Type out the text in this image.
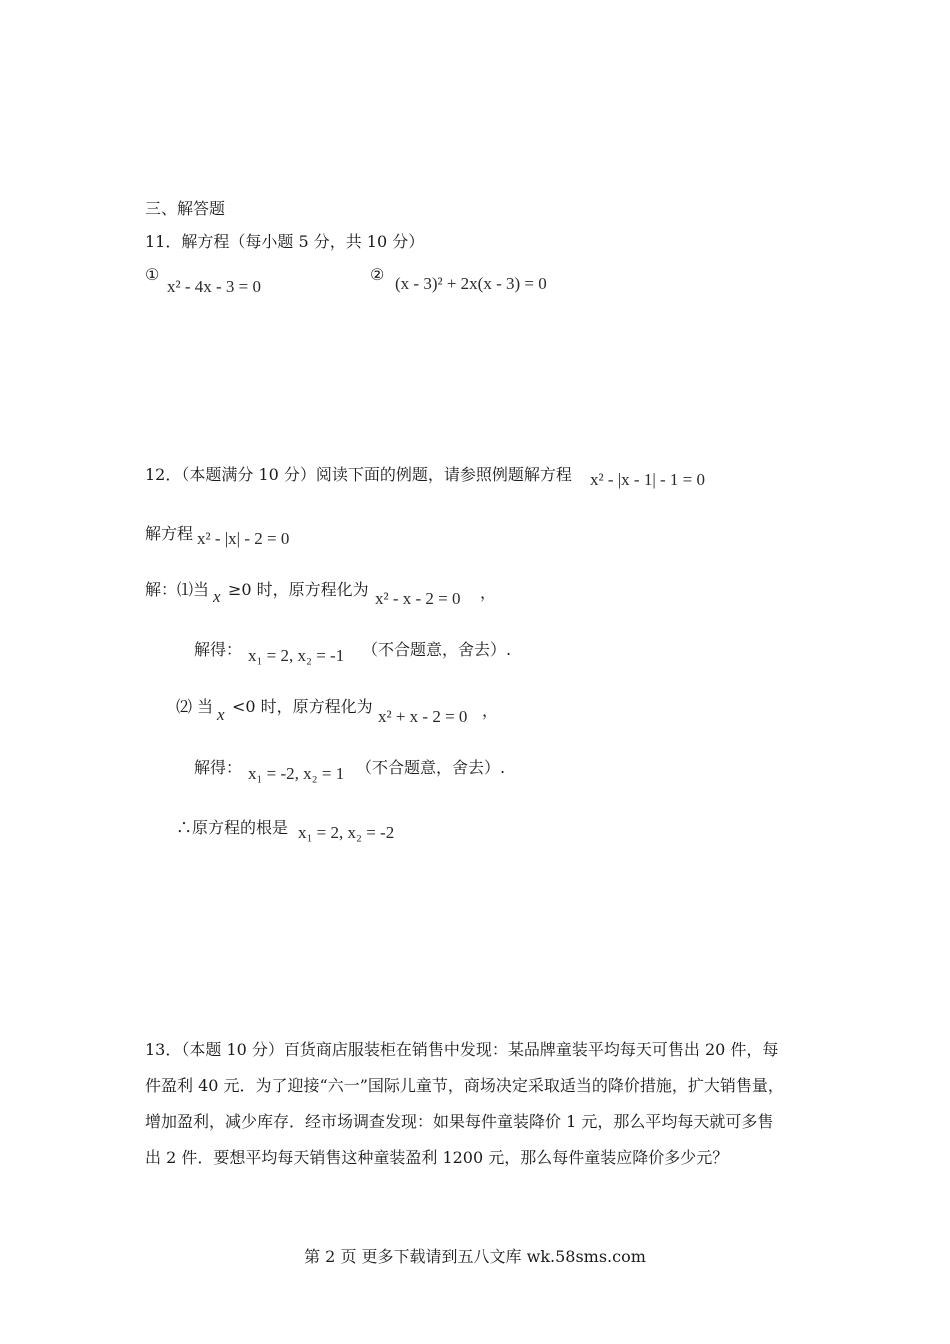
三、解答题
11．解方程（每小题 5 分，共 10 分）
①
x² - 4x - 3 = 0
② (x - 3)² + 2x(x - 3) = 0
12．（本题满分 10 分）阅读下面的例题，请参照例题解方程 x² - |x - 1| - 1 = 0
解方程 x² - |x| - 2 = 0
解：⑴当 x ≥0 时，原方程化为 x² - x - 2 = 0 ，
解得： x₁ = 2, x₂ = -1 （不合题意，舍去）.
⑵ 当 x <0 时，原方程化为
x² + x - 2 = 0 ，
解得： x₁ = -2, x₂ = 1 （不合题意，舍去）.
∴原方程的根是 x₁ = 2, x₂ = -2
13．（本题 10 分）百货商店服装柜在销售中发现：某品牌童装平均每天可售出 20 件，每
件盈利 40 元．为了迎接“六一”国际儿童节，商场决定采取适当的降价措施，扩大销售量，
增加盈利，减少库存．经市场调查发现：如果每件童装降价 1 元，那么平均每天就可多售
出 2 件．要想平均每天销售这种童装盈利 1200 元，那么每件童装应降价多少元？
第 2 页 更多下载请到五八文库 wk.58sms.com
